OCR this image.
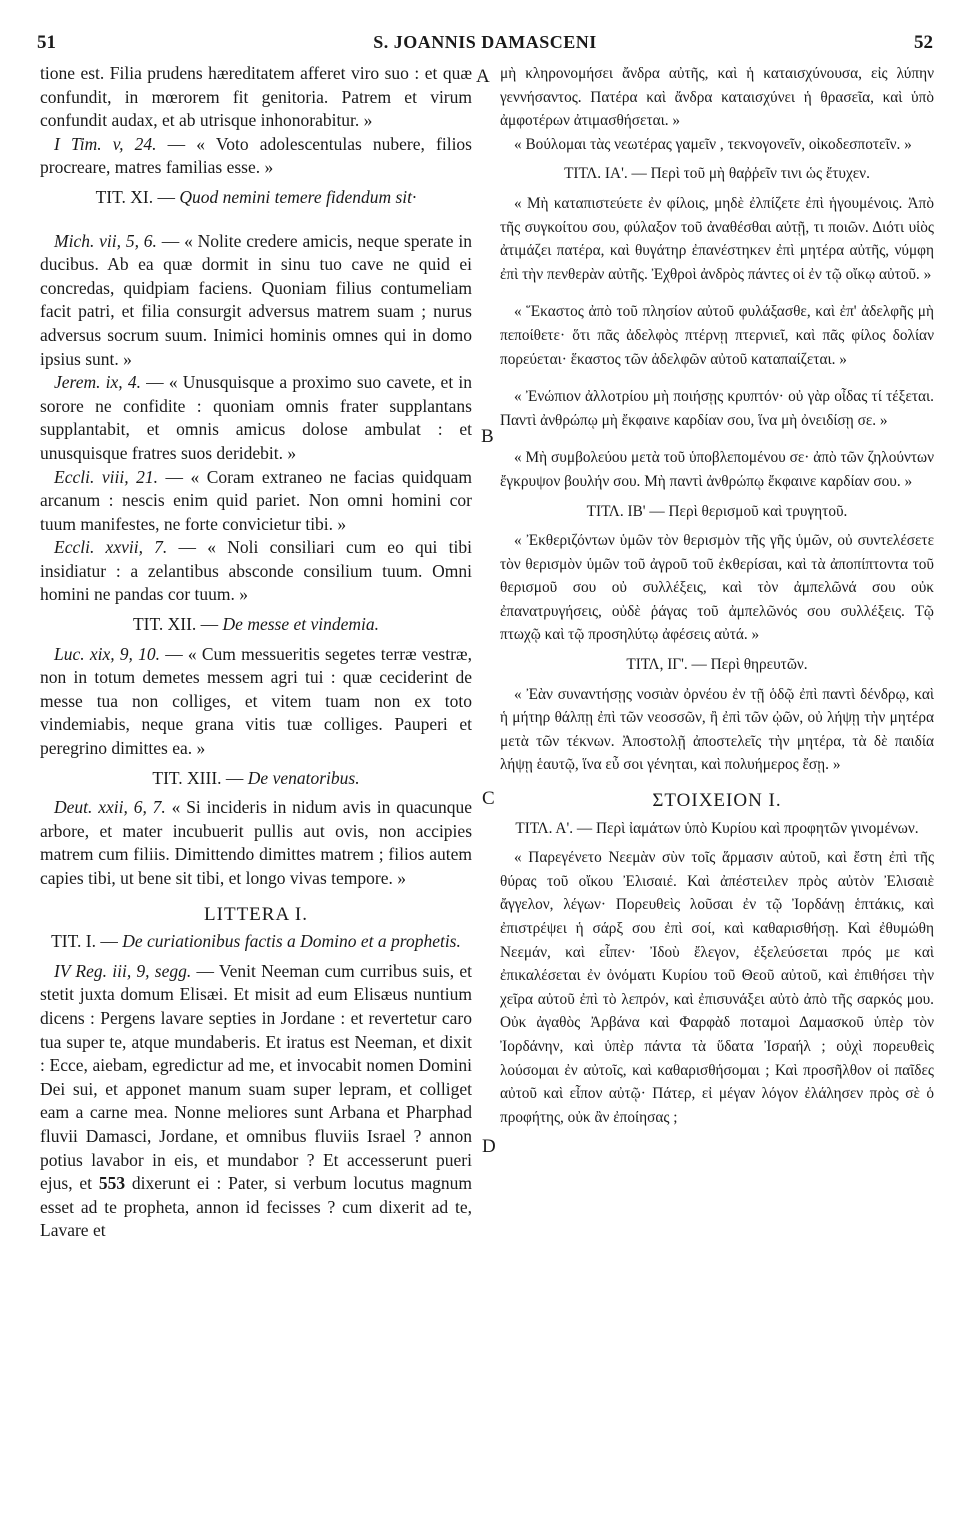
51	S. JOANNIS DAMASCENI	52
A
B
C
D

tione est. Filia prudens hæreditatem afferet viro suo : et quæ confundit, in mœrorem fit genitoria. Patrem et virum confundit audax, et ab utrisque inhonorabitur. »

I Tim. v, 24. — « Voto adolescentulas nubere, filios procreare, matres familias esse. »

TIT. XI. — Quod nemini temere fidendum sit·

Mich. vii, 5, 6. — « Nolite credere amicis, neque sperate in ducibus. Ab ea quæ dormit in sinu tuo cave ne quid ei concredas, quidpiam faciens. Quoniam filius contumeliam facit patri, et filia consurgit adversus matrem suam ; nurus adversus socrum suum. Inimici hominis omnes qui in domo ipsius sunt. »

Jerem. ix, 4. — « Unusquisque a proximo suo cavete, et in sorore ne confidite : quoniam omnis frater supplantans supplantabit, et omnis amicus dolose ambulat : et unusquisque fratres suos deridebit. »

Eccli. viii, 21. — « Coram extraneo ne facias quidquam arcanum : nescis enim quid pariet. Non omni homini cor tuum manifestes, ne forte convicietur tibi. »

Eccli. xxvii, 7. — « Noli consiliari cum eo qui tibi insidiatur : a zelantibus absconde consilium tuum. Omni homini ne pandas cor tuum. »

TIT. XII. — De messe et vindemia.

Luc. xix, 9, 10. — « Cum messueritis segetes terræ vestræ, non in totum demetes messem agri tui : quæ ceciderint de messe tua non colliges, et vitem tuam non ex toto vindemiabis, neque grana vitis tuæ colliges. Pauperi et peregrino dimittes ea. »

TIT. XIII. — De venatoribus.

Deut. xxii, 6, 7. « Si incideris in nidum avis in quacunque arbore, et mater incubuerit pullis aut ovis, non accipies matrem cum filiis. Dimittendo dimittes matrem ; filios autem capies tibi, ut bene sit tibi, et longo vivas tempore. »

LITTERA I.
TIT. I. — De curiationibus factis a Domino et a prophetis.

IV Reg. iii, 9, segg. — Venit Neeman cum curribus suis, et stetit juxta domum Elisæi. Et misit ad eum Elisæus nuntium dicens : Pergens lavare septies in Jordane : et revertetur caro tua super te, atque mundaberis. Et iratus est Neeman, et dixit : Ecce, aiebam, egredictur ad me, et invocabit nomen Domini Dei sui, et apponet manum suam super lepram, et colliget eam a carne mea. Nonne meliores sunt Arbana et Pharphad fluvii Damasci, Jordane, et omnibus fluviis Israel ? annon potius lavabor in eis, et mundabor ? Et accesserunt pueri ejus, et 553 dixerunt ei : Pater, si verbum locutus magnum esset ad te propheta, annon id fecisses ? cum dixerit ad te, Lavare et

μὴ κληρονομήσει ἄνδρα αὐτῆς, καὶ ἡ καταισχύνουσα, εἰς λύπην γεννήσαντος. Πατέρα καὶ ἄνδρα καταισχύνει ἡ θρασεῖα, καὶ ὑπὸ ἀμφοτέρων ἀτιμασθήσεται. »

« Βούλομαι τὰς νεωτέρας γαμεῖν , τεκνογονεῖν, οἰκοδεσποτεῖν. »

ΤΙΤΛ. ΙΑ'. — Περὶ τοῦ μὴ θαῤῥεῖν τινι ὡς ἔτυχεν.

« Μὴ καταπιστεύετε ἐν φίλοις, μηδὲ ἐλπίζετε ἐπὶ ἡγουμένοις. Ἀπὸ τῆς συγκοίτου σου, φύλαξον τοῦ ἀναθέσθαι αὐτῇ, τι ποιῶν. Διότι υἱὸς ἀτιμάζει πατέρα, καὶ θυγάτηρ ἐπανέστηκεν ἐπὶ μητέρα αὐτῆς, νύμφη ἐπὶ τὴν πενθερὰν αὐτῆς. Ἐχθροὶ ἀνδρὸς πάντες οἱ ἐν τῷ οἴκῳ αὐτοῦ. »

« Ἕκαστος ἀπὸ τοῦ πλησίον αὐτοῦ φυλάξασθε, καὶ ἐπ' ἀδελφῆς μὴ πεποίθετε· ὅτι πᾶς ἀδελφὸς πτέρνῃ πτερνιεῖ, καὶ πᾶς φίλος δολίαν πορεύεται· ἕκαστος τῶν ἀδελφῶν αὐτοῦ καταπαίζεται. »

« Ἐνώπιον ἀλλοτρίου μὴ ποιήσῃς κρυπτόν· οὐ γὰρ οἶδας τί τέξεται. Παντὶ ἀνθρώπῳ μὴ ἔκφαινε καρδίαν σου, ἵνα μὴ ὀνειδίσῃ σε. »

« Μὴ συμβολεύου μετὰ τοῦ ὑποβλεπομένου σε· ἀπὸ τῶν ζηλούντων ἔγκρυψον βουλήν σου. Μὴ παντὶ ἀνθρώπῳ ἔκφαινε καρδίαν σου. »

ΤΙΤΛ. ΙΒ' — Περὶ θερισμοῦ καὶ τρυγητοῦ.

« Ἐκθεριζόντων ὑμῶν τὸν θερισμὸν τῆς γῆς ὑμῶν, οὐ συντελέσετε τὸν θερισμὸν ὑμῶν τοῦ ἀγροῦ τοῦ ἐκθερίσαι, καὶ τὰ ἀποπίπτοντα τοῦ θερισμοῦ σου οὐ συλλέξεις, καὶ τὸν ἀμπελῶνά σου οὐκ ἐπανατρυγήσεις, οὐδὲ ῥάγας τοῦ ἀμπελῶνός σου συλλέξεις. Τῷ πτωχῷ καὶ τῷ προσηλύτῳ ἀφέσεις αὐτά. »

ΤΙΤΛ, ΙΓ'. — Περὶ θηρευτῶν.

« Ἐὰν συναντήσῃς νοσιὰν ὀρνέου ἐν τῇ ὁδῷ ἐπὶ παντὶ δένδρῳ, καὶ ἡ μήτηρ θάλπῃ ἐπὶ τῶν νεοσσῶν, ἢ ἐπὶ τῶν ᾠῶν, οὐ λήψῃ τὴν μητέρα μετὰ τῶν τέκνων. Ἀποστολῇ ἀποστελεῖς τὴν μητέρα, τὰ δὲ παιδία λήψῃ ἑαυτῷ, ἵνα εὖ σοι γένηται, καὶ πολυήμερος ἔσῃ. »

ΣΤΟΙΧΕΙΟΝ Ι.
ΤΙΤΛ. Α'. — Περὶ ἰαμάτων ὑπὸ Κυρίου καὶ προφητῶν γινομένων.

« Παρεγένετο Νεεμὰν σὺν τοῖς ἅρμασιν αὐτοῦ, καὶ ἔστη ἐπὶ τῆς θύρας τοῦ οἴκου Ἐλισαιέ. Καὶ ἀπέστειλεν πρὸς αὐτὸν Ἐλισαιὲ ἄγγελον, λέγων· Πορευθεὶς λοῦσαι ἐν τῷ Ἰορδάνῃ ἑπτάκις, καὶ ἐπιστρέψει ἡ σάρξ σου ἐπὶ σοί, καὶ καθαρισθήσῃ. Καὶ ἐθυμώθη Νεεμάν, καὶ εἶπεν· Ἰδοὺ ἔλεγον, ἐξελεύσεται πρός με καὶ ἐπικαλέσεται ἐν ὀνόματι Κυρίου τοῦ Θεοῦ αὐτοῦ, καὶ ἐπιθήσει τὴν χεῖρα αὐτοῦ ἐπὶ τὸ λεπρόν, καὶ ἐπισυνάξει αὐτὸ ἀπὸ τῆς σαρκός μου. Οὐκ ἀγαθὸς Ἀρβάνα καὶ Φαρφὰδ ποταμοὶ Δαμασκοῦ ὑπὲρ τὸν Ἰορδάνην, καὶ ὑπὲρ πάντα τὰ ὕδατα Ἰσραήλ ; οὐχὶ πορευθεὶς λούσομαι ἐν αὐτοῖς, καὶ καθαρισθήσομαι ; Καὶ προσῆλθον οἱ παῖδες αὐτοῦ καὶ εἶπον αὐτῷ· Πάτερ, εἰ μέγαν λόγον ἐλάλησεν πρὸς σὲ ὁ προφήτης, οὐκ ἂν ἐποίησας ;
